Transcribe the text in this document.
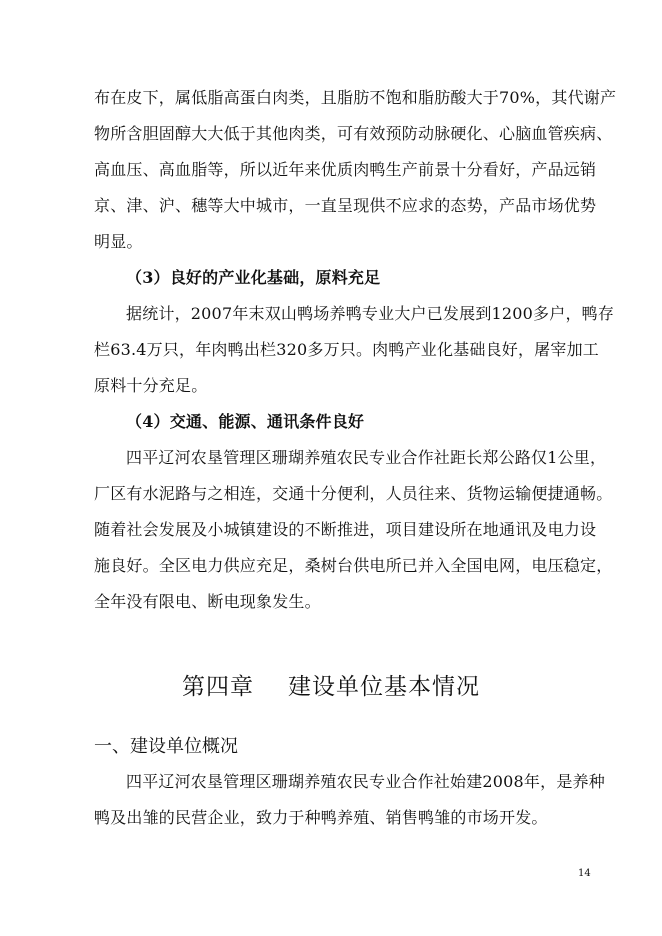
布在皮下，属低脂高蛋白肉类，且脂肪不饱和脂肪酸大于70%，其代谢产
物所含胆固醇大大低于其他肉类，可有效预防动脉硬化、心脑血管疾病、
高血压、高血脂等，所以近年来优质肉鸭生产前景十分看好，产品远销
京、津、沪、穗等大中城市，一直呈现供不应求的态势，产品市场优势
明显。
（3）良好的产业化基础，原料充足
据统计，2007年末双山鸭场养鸭专业大户已发展到1200多户，鸭存
栏63.4万只，年肉鸭出栏320多万只。肉鸭产业化基础良好，屠宰加工
原料十分充足。
（4）交通、能源、通讯条件良好
四平辽河农垦管理区珊瑚养殖农民专业合作社距长郑公路仅1公里，
厂区有水泥路与之相连，交通十分便利，人员往来、货物运输便捷通畅。
随着社会发展及小城镇建设的不断推进，项目建设所在地通讯及电力设
施良好。全区电力供应充足，桑树台供电所已并入全国电网，电压稳定，
全年没有限电、断电现象发生。
第四章 建设单位基本情况
一、建设单位概况
四平辽河农垦管理区珊瑚养殖农民专业合作社始建2008年，是养种
鸭及出雏的民营企业，致力于种鸭养殖、销售鸭雏的市场开发。
14
